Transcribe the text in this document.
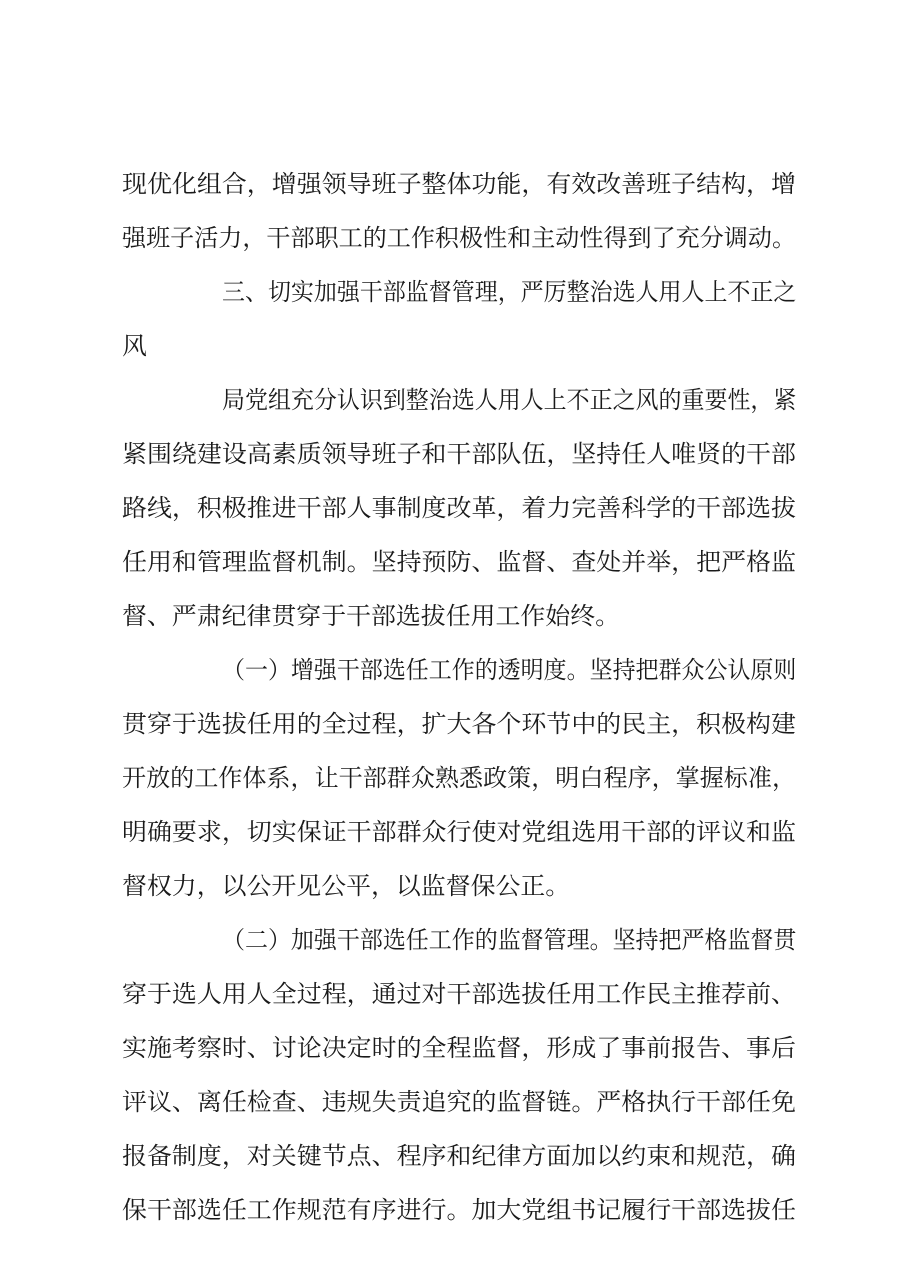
现优化组合，增强领导班子整体功能，有效改善班子结构，增
强班子活力，干部职工的工作积极性和主动性得到了充分调动。
三、切实加强干部监督管理，严厉整治选人用人上不正之
风
局党组充分认识到整治选人用人上不正之风的重要性，紧
紧围绕建设高素质领导班子和干部队伍，坚持任人唯贤的干部
路线，积极推进干部人事制度改革，着力完善科学的干部选拔
任用和管理监督机制。坚持预防、监督、查处并举，把严格监
督、严肃纪律贯穿于干部选拔任用工作始终。
（一）增强干部选任工作的透明度。坚持把群众公认原则
贯穿于选拔任用的全过程，扩大各个环节中的民主，积极构建
开放的工作体系，让干部群众熟悉政策，明白程序，掌握标准，
明确要求，切实保证干部群众行使对党组选用干部的评议和监
督权力，以公开见公平，以监督保公正。
（二）加强干部选任工作的监督管理。坚持把严格监督贯
穿于选人用人全过程，通过对干部选拔任用工作民主推荐前、
实施考察时、讨论决定时的全程监督，形成了事前报告、事后
评议、离任检查、违规失责追究的监督链。严格执行干部任免
报备制度，对关键节点、程序和纪律方面加以约束和规范，确
保干部选任工作规范有序进行。加大党组书记履行干部选拔任
